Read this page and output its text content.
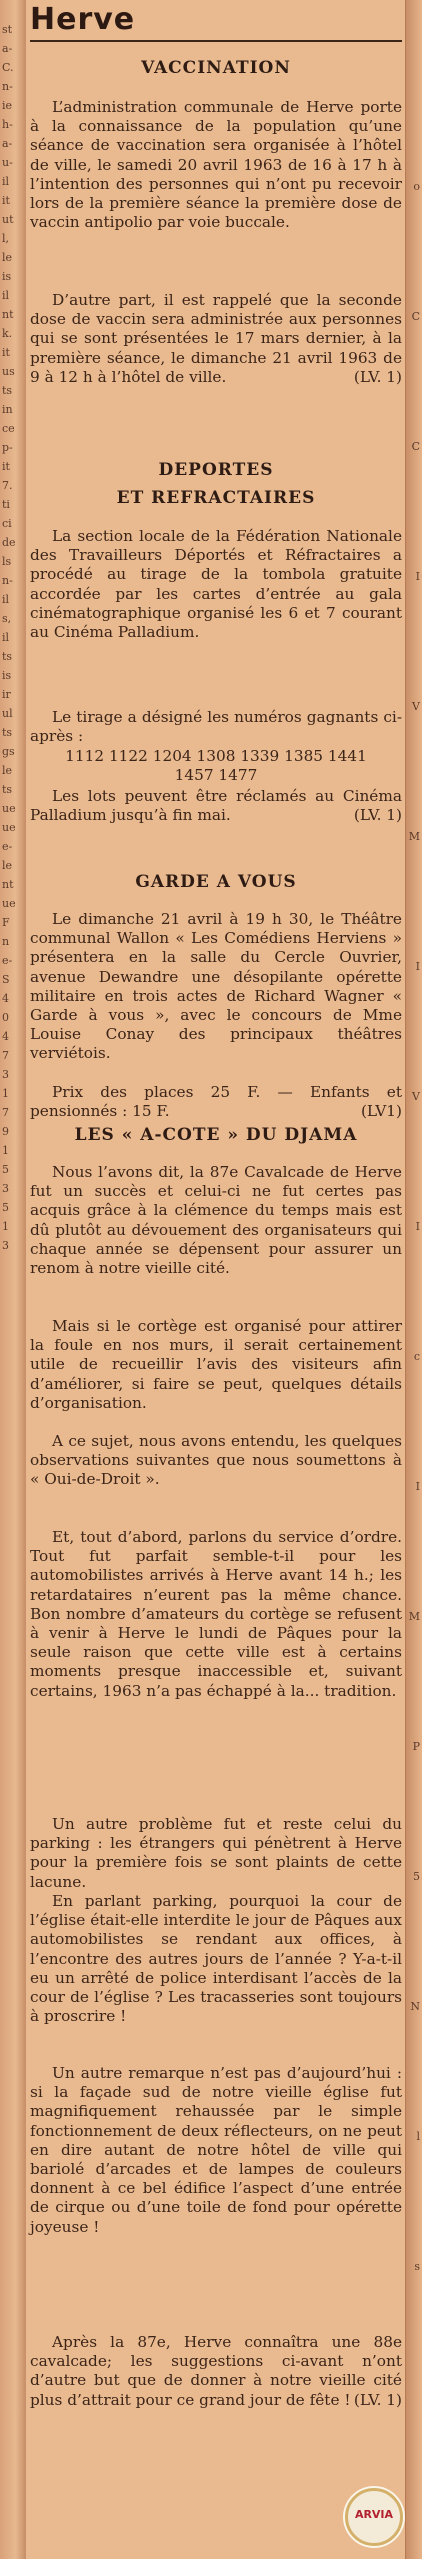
st
a-
C.
n-
ie
h-
a-
u-
il
it
ut
l,
le
is
il
nt
k.
it
us
ts
in
ce
p-
it
7.
ti
ci
de
ls
n-
il
s,
il
ts
is
ir
ul
ts
gs
le
ts
ue
ue
e-
le
nt
ue
F
n
e-
S
4
0
4
7
3
1
7
9
1
5
3
5
1
3
o
C
C
I
V
M
I
V
I
c
I
M
P
5
N
l
s
Herve
VACCINATION
L’administration communale de Herve porte à la connaissance de la population qu’une séance de vaccination sera organisée à l’hôtel de ville, le samedi 20 avril 1963 de 16 à 17 h à l’intention des personnes qui n’ont pu recevoir lors de la première séance la première dose de vaccin antipolio par voie buccale.
D’autre part, il est rappelé que la seconde dose de vaccin sera administrée aux personnes qui se sont présentées le 17 mars dernier, à la première séance, le dimanche 21 avril 1963 de 9 à 12 h à l’hôtel de ville.	(LV. 1)
DEPORTES
ET REFRACTAIRES
La section locale de la Fédération Nationale des Travailleurs Déportés et Réfractaires a procédé au tirage de la tombola gratuite accordée par les cartes d’entrée au gala cinématographique organisé les 6 et 7 courant au Cinéma Palladium.
Le tirage a désigné les numéros gagnants ci-après :
1112 1122 1204 1308 1339 1385 1441
1457 1477
Les lots peuvent être réclamés au Cinéma Palladium jusqu’à fin mai.	(LV. 1)
GARDE A VOUS
Le dimanche 21 avril à 19 h 30, le Théâtre communal Wallon « Les Comédiens Herviens » présentera en la salle du Cercle Ouvrier, avenue Dewandre une désopilante opérette militaire en trois actes de Richard Wagner « Garde à vous », avec le concours de Mme Louise Conay des principaux théâtres verviétois.
Prix des places 25 F. — Enfants et pensionnés : 15 F.	(LV1)
LES « A-COTE » DU DJAMA
Nous l’avons dit, la 87e Cavalcade de Herve fut un succès et celui-ci ne fut certes pas acquis grâce à la clémence du temps mais est dû plutôt au dévouement des organisateurs qui chaque année se dépensent pour assurer un renom à notre vieille cité.
Mais si le cortège est organisé pour attirer la foule en nos murs, il serait certainement utile de recueillir l’avis des visiteurs afin d’améliorer, si faire se peut, quelques détails d’organisation.
A ce sujet, nous avons entendu, les quelques observations suivantes que nous soumettons à « Oui-de-Droit ».
Et, tout d’abord, parlons du service d’ordre. Tout fut parfait semble-t-il pour les automobilistes arrivés à Herve avant 14 h.; les retardataires n’eurent pas la même chance. Bon nombre d’amateurs du cortège se refusent à venir à Herve le lundi de Pâques pour la seule raison que cette ville est à certains moments presque inaccessible et, suivant certains, 1963 n’a pas échappé à la... tradition.
Un autre problème fut et reste celui du parking : les étrangers qui pénètrent à Herve pour la première fois se sont plaints de cette lacune.
En parlant parking, pourquoi la cour de l’église était-elle interdite le jour de Pâques aux automobilistes se rendant aux offices, à l’encontre des autres jours de l’année ? Y-a-t-il eu un arrêté de police interdisant l’accès de la cour de l’église ? Les tracasseries sont toujours à proscrire !
Un autre remarque n’est pas d’aujourd’hui : si la façade sud de notre vieille église fut magnifiquement rehaussée par le simple fonctionnement de deux réflecteurs, on ne peut en dire autant de notre hôtel de ville qui bariolé d’arcades et de lampes de couleurs donnent à ce bel édifice l’aspect d’une entrée de cirque ou d’une toile de fond pour opérette joyeuse !
Après la 87e, Herve connaîtra une 88e cavalcade; les suggestions ci-avant n’ont d’autre but que de donner à notre vieille cité plus d’attrait pour ce grand jour de fête ! (LV. 1)
ARVIA
